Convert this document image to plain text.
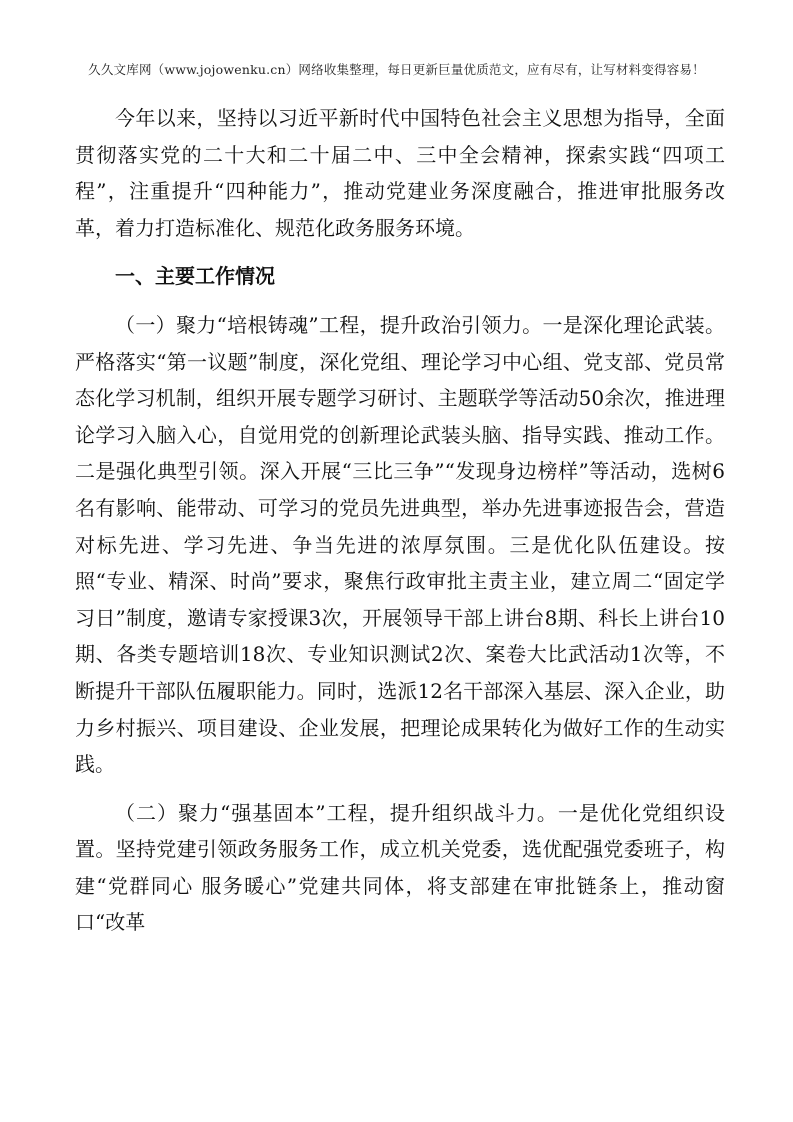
久久文库网（www.jojowenku.cn）网络收集整理，每日更新巨量优质范文，应有尽有，让写材料变得容易！

今年以来，坚持以习近平新时代中国特色社会主义思想为指导，全面贯彻落实党的二十大和二十届二中、三中全会精神，探索实践“四项工程”，注重提升“四种能力”，推动党建业务深度融合，推进审批服务改革，着力打造标准化、规范化政务服务环境。

一、主要工作情况

（一）聚力“培根铸魂”工程，提升政治引领力。一是深化理论武装。严格落实“第一议题”制度，深化党组、理论学习中心组、党支部、党员常态化学习机制，组织开展专题学习研讨、主题联学等活动50余次，推进理论学习入脑入心，自觉用党的创新理论武装头脑、指导实践、推动工作。二是强化典型引领。深入开展“三比三争”“发现身边榜样”等活动，选树6名有影响、能带动、可学习的党员先进典型，举办先进事迹报告会，营造对标先进、学习先进、争当先进的浓厚氛围。三是优化队伍建设。按照“专业、精深、时尚”要求，聚焦行政审批主责主业，建立周二“固定学习日”制度，邀请专家授课3次，开展领导干部上讲台8期、科长上讲台10期、各类专题培训18次、专业知识测试2次、案卷大比武活动1次等，不断提升干部队伍履职能力。同时，选派12名干部深入基层、深入企业，助力乡村振兴、项目建设、企业发展，把理论成果转化为做好工作的生动实践。

（二）聚力“强基固本”工程，提升组织战斗力。一是优化党组织设置。坚持党建引领政务服务工作，成立机关党委，选优配强党委班子，构建“党群同心 服务暖心”党建共同体，将支部建在审批链条上，推动窗口“改革
